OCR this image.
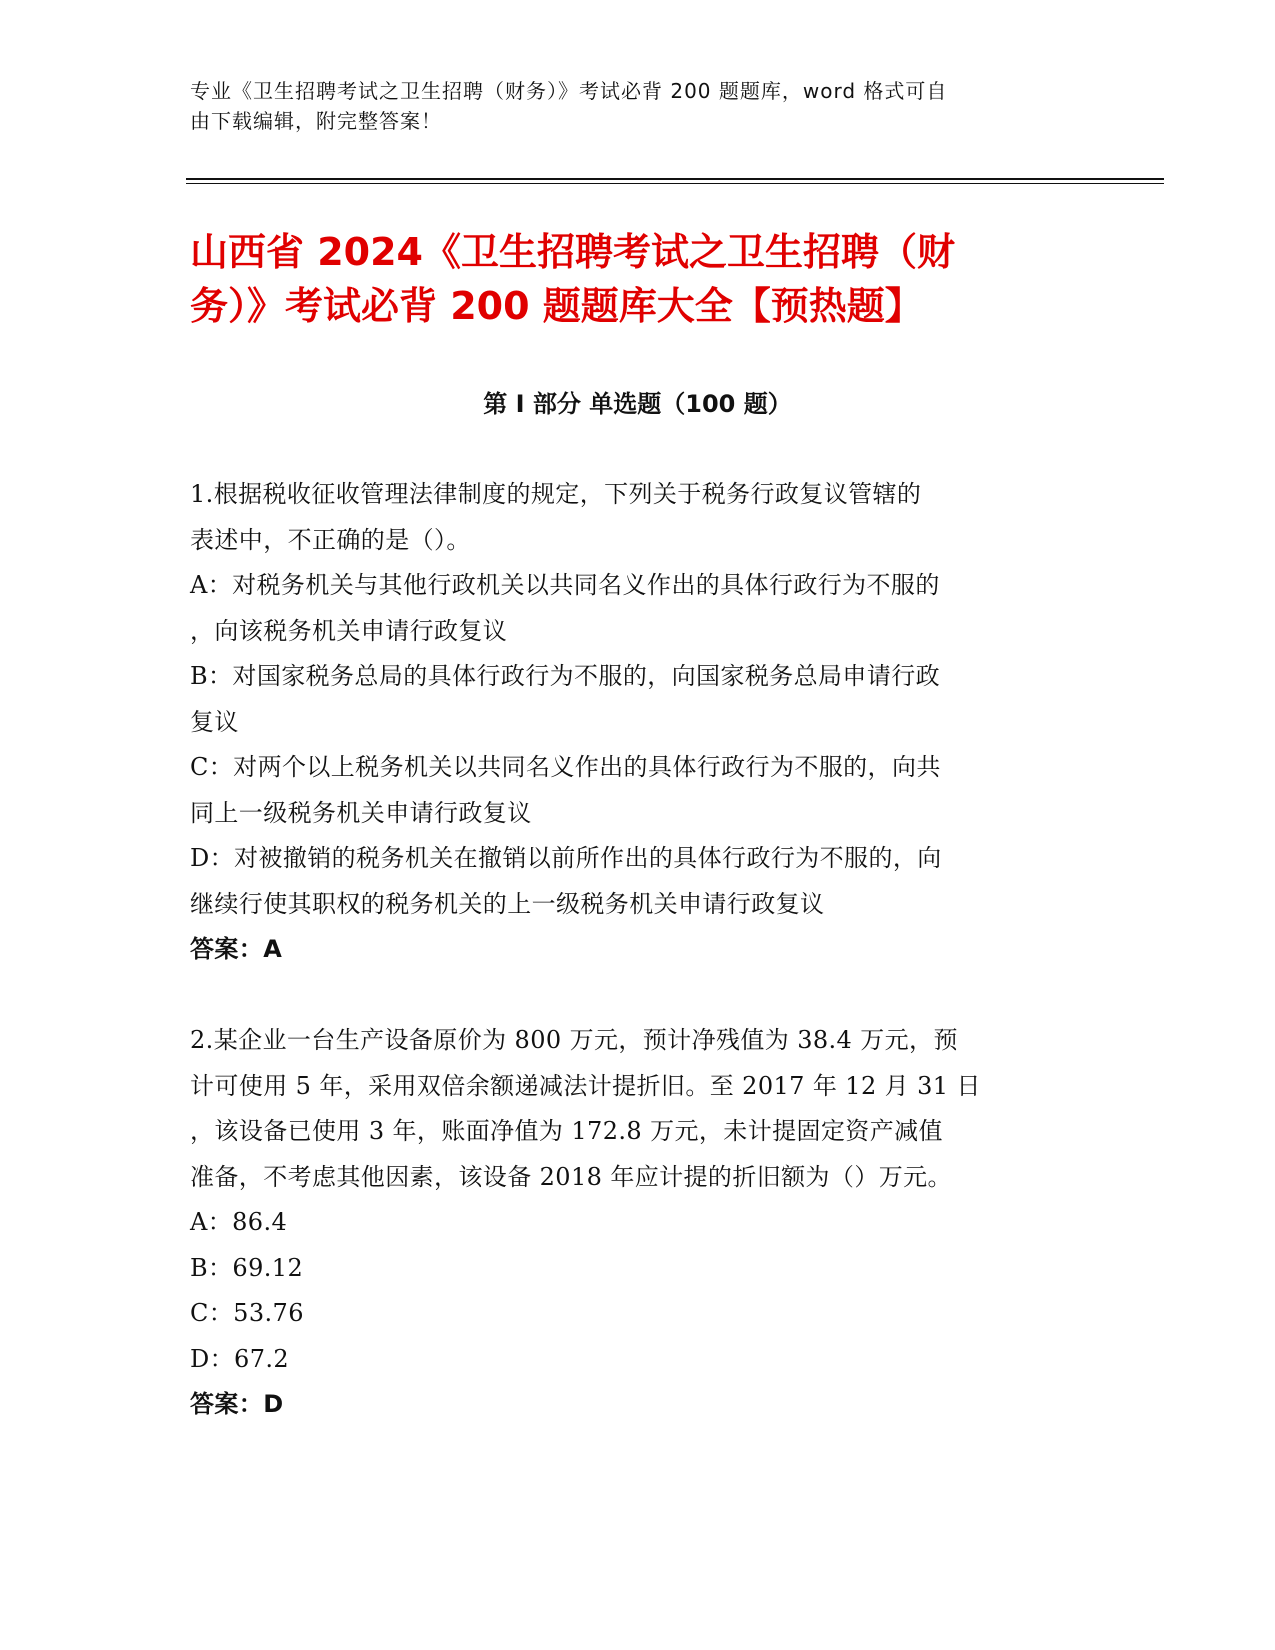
专业《卫生招聘考试之卫生招聘（财务）》考试必背 200 题题库，word 格式可自
由下载编辑，附完整答案！
山西省 2024《卫生招聘考试之卫生招聘（财
务）》考试必背 200 题题库大全【预热题】
第 I 部分 单选题（100 题）
1.根据税收征收管理法律制度的规定，下列关于税务行政复议管辖的
表述中，不正确的是（）。
A：对税务机关与其他行政机关以共同名义作出的具体行政行为不服的
，向该税务机关申请行政复议
B：对国家税务总局的具体行政行为不服的，向国家税务总局申请行政
复议
C：对两个以上税务机关以共同名义作出的具体行政行为不服的，向共
同上一级税务机关申请行政复议
D：对被撤销的税务机关在撤销以前所作出的具体行政行为不服的，向
继续行使其职权的税务机关的上一级税务机关申请行政复议
答案：A
2.某企业一台生产设备原价为 800 万元，预计净残值为 38.4 万元，预
计可使用 5 年，采用双倍余额递减法计提折旧。至 2017 年 12 月 31 日
，该设备已使用 3 年，账面净值为 172.8 万元，未计提固定资产减值
准备，不考虑其他因素，该设备 2018 年应计提的折旧额为（）万元。
A：86.4
B：69.12
C：53.76
D：67.2
答案：D
